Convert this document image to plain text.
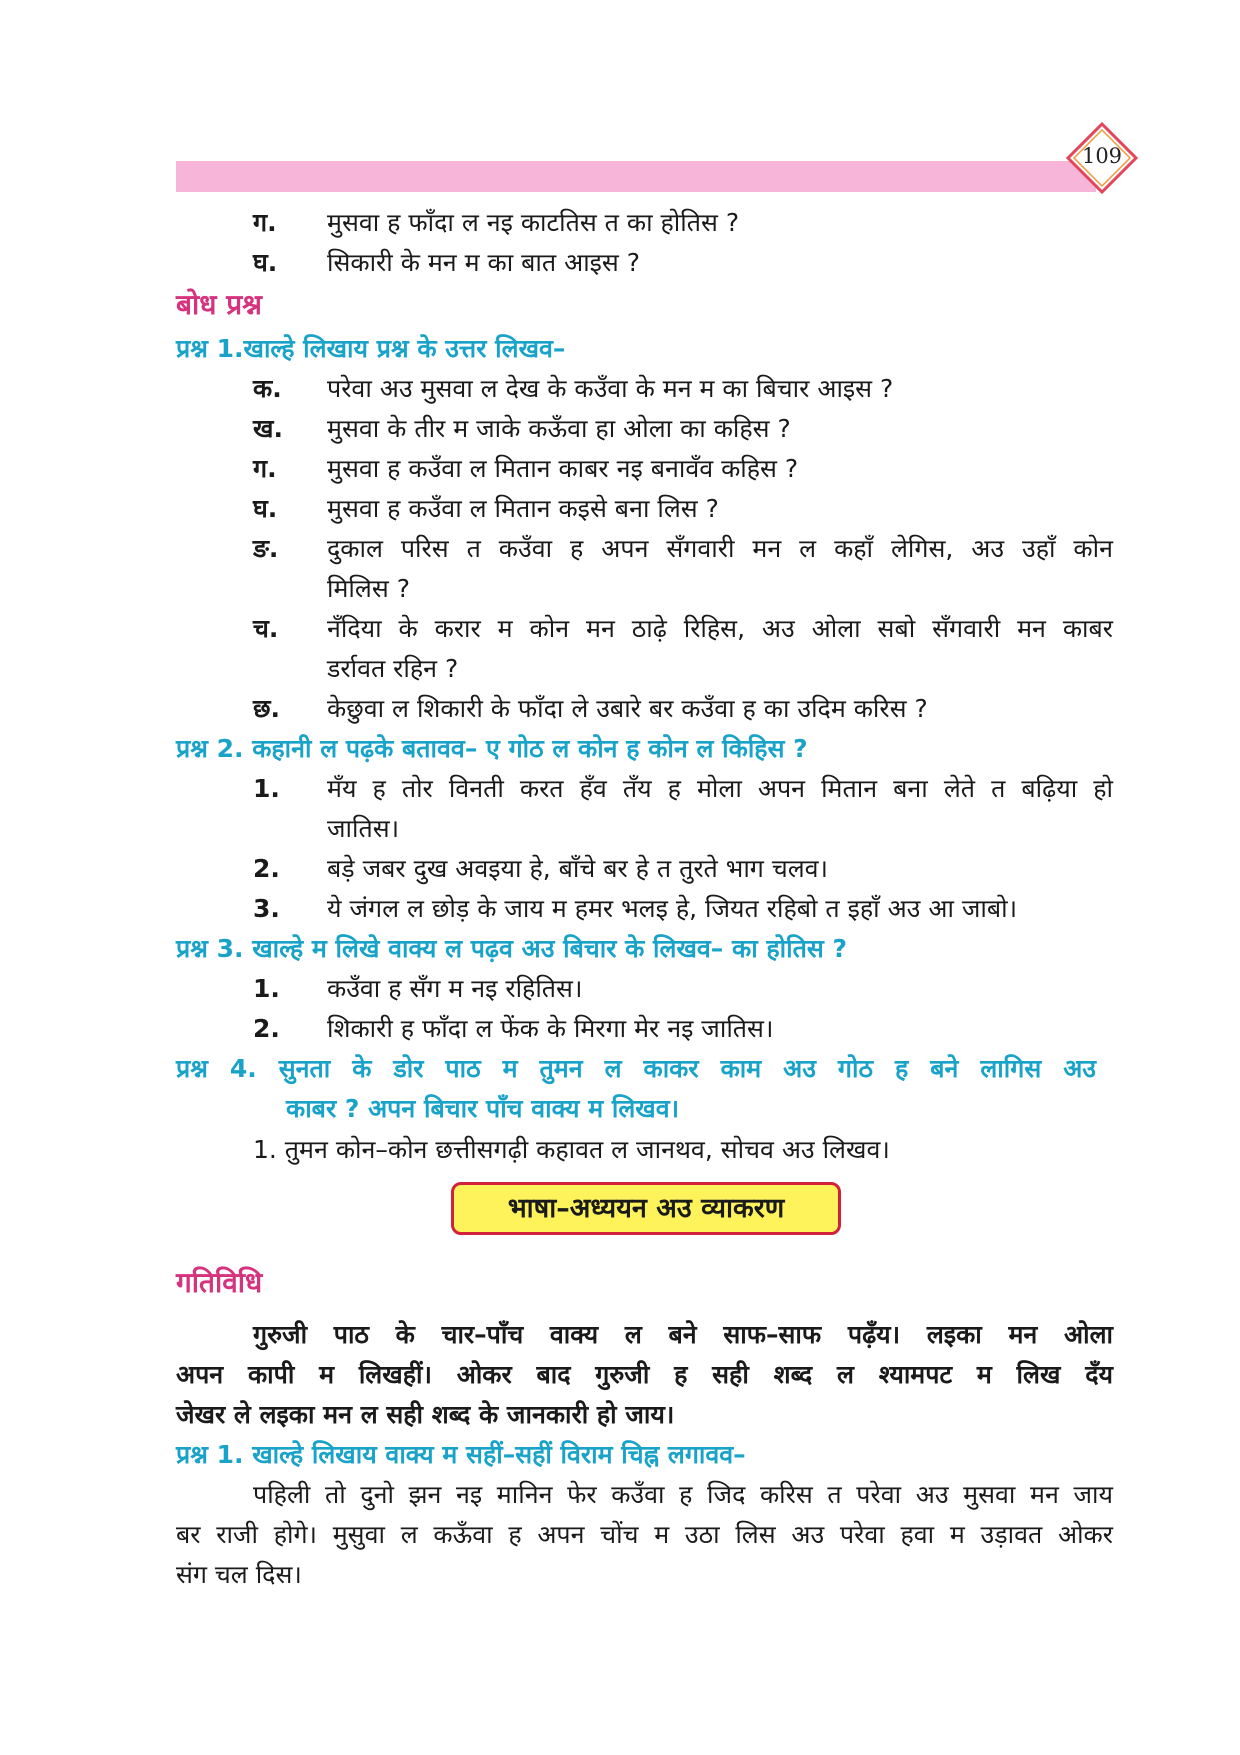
109
ग. मुसवा ह फाँदा ल नइ काटतिस त का होतिस ?
घ. सिकारी के मन म का बात आइस ?
बोध प्रश्न
प्रश्न 1.खाल्हे लिखाय प्रश्न के उत्तर लिखव–
क. परेवा अउ मुसवा ल देख के कउँवा के मन म का बिचार आइस ?
ख. मुसवा के तीर म जाके कऊँवा हा ओला का कहिस ?
ग. मुसवा ह कउँवा ल मितान काबर नइ बनावँव कहिस ?
घ. मुसवा ह कउँवा ल मितान कइसे बना लिस ?
ङ. दुकाल परिस त कउँवा ह अपन सँगवारी मन ल कहाँ लेगिस, अउ उहाँ कोन
मिलिस ?
च. नँदिया के करार म कोन मन ठाढ़े रिहिस, अउ ओला सबो सँगवारी मन काबर
डर्रावत रहिन ?
छ. केछुवा ल शिकारी के फाँदा ले उबारे बर कउँवा ह का उदिम करिस ?
प्रश्न 2. कहानी ल पढ़के बतावव– ए गोठ ल कोन ह कोन ल किहिस ?
1. मँय ह तोर विनती करत हँव तँय ह मोला अपन मितान बना लेते त बढ़िया हो
जातिस।
2. बड़े जबर दुख अवइया हे, बाँचे बर हे त तुरते भाग चलव।
3. ये जंगल ल छोड़ के जाय म हमर भलइ हे, जियत रहिबो त इहाँ अउ आ जाबो।
प्रश्न 3. खाल्हे म लिखे वाक्य ल पढ़व अउ बिचार के लिखव– का होतिस ?
1. कउँवा ह सँग म नइ रहितिस।
2. शिकारी ह फाँदा ल फेंक के मिरगा मेर नइ जातिस।
प्रश्न 4. सुनता के डोर पाठ म तुमन ल काकर काम अउ गोठ ह बने लागिस अउ
काबर ? अपन बिचार पाँच वाक्य म लिखव।
1. तुमन कोन–कोन छत्तीसगढ़ी कहावत ल जानथव, सोचव अउ लिखव।
भाषा–अध्ययन अउ व्याकरण
गतिविधि
गुरुजी पाठ के चार–पाँच वाक्य ल बने साफ–साफ पढ़ँय। लइका मन ओला
अपन कापी म लिखहीं। ओकर बाद गुरुजी ह सही शब्द ल श्यामपट म लिख दँय
जेखर ले लइका मन ल सही शब्द के जानकारी हो जाय।
प्रश्न 1. खाल्हे लिखाय वाक्य म सहीं–सहीं विराम चिह्न लगावव–
पहिली तो दुनो झन नइ मानिन फेर कउँवा ह जिद करिस त परेवा अउ मुसवा मन जाय
बर राजी होगे। मुसुवा ल कऊँवा ह अपन चोंच म उठा लिस अउ परेवा हवा म उड़ावत ओकर
संग चल दिस।
